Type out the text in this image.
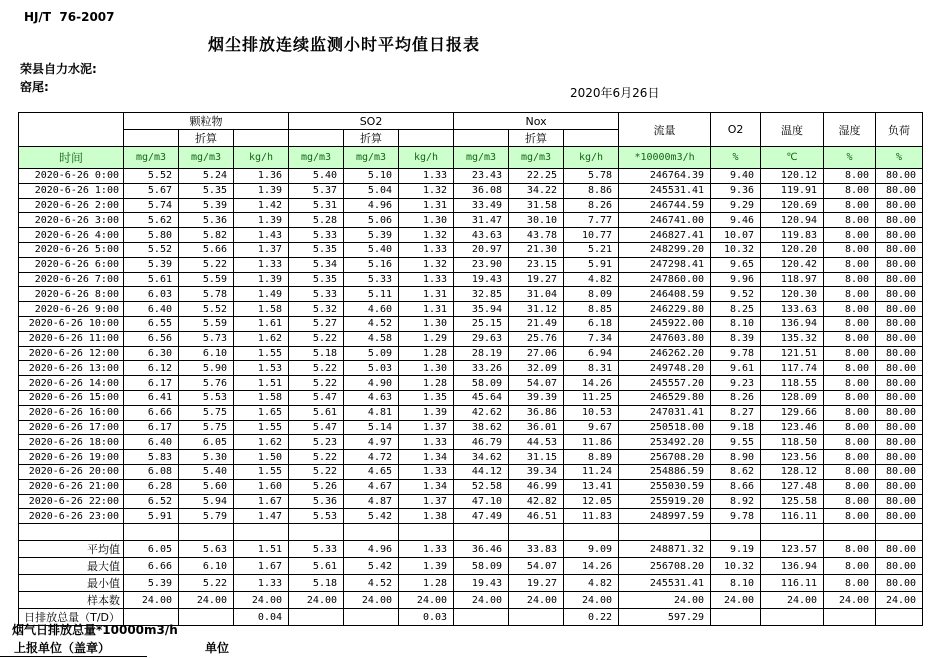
HJ/T  76-2007
烟尘排放连续监测小时平均值日报表
荣县自力水泥:
窑尾:	2020年6月26日
	颗粒物			SO2			Nox			流量	O2	温度	湿度	负荷
		折算			折算			折算						
时间	mg/m3	mg/m3	kg/h	mg/m3	mg/m3	kg/h	mg/m3	mg/m3	kg/h	*10000m3/h	%	℃	%	%
2020-6-26 0:00	5.52	5.24	1.36	5.40	5.10	1.33	23.43	22.25	5.78	246764.39	9.40	120.12	8.00	80.00
2020-6-26 1:00	5.67	5.35	1.39	5.37	5.04	1.32	36.08	34.22	8.86	245531.41	9.36	119.91	8.00	80.00
2020-6-26 2:00	5.74	5.39	1.42	5.31	4.96	1.31	33.49	31.58	8.26	246744.59	9.29	120.69	8.00	80.00
2020-6-26 3:00	5.62	5.36	1.39	5.28	5.06	1.30	31.47	30.10	7.77	246741.00	9.46	120.94	8.00	80.00
2020-6-26 4:00	5.80	5.82	1.43	5.33	5.39	1.32	43.63	43.78	10.77	246827.41	10.07	119.83	8.00	80.00
2020-6-26 5:00	5.52	5.66	1.37	5.35	5.40	1.33	20.97	21.30	5.21	248299.20	10.32	120.20	8.00	80.00
2020-6-26 6:00	5.39	5.22	1.33	5.34	5.16	1.32	23.90	23.15	5.91	247298.41	9.65	120.42	8.00	80.00
2020-6-26 7:00	5.61	5.59	1.39	5.35	5.33	1.33	19.43	19.27	4.82	247860.00	9.96	118.97	8.00	80.00
2020-6-26 8:00	6.03	5.78	1.49	5.33	5.11	1.31	32.85	31.04	8.09	246408.59	9.52	120.30	8.00	80.00
2020-6-26 9:00	6.40	5.52	1.58	5.32	4.60	1.31	35.94	31.12	8.85	246229.80	8.25	133.63	8.00	80.00
2020-6-26 10:00	6.55	5.59	1.61	5.27	4.52	1.30	25.15	21.49	6.18	245922.00	8.10	136.94	8.00	80.00
2020-6-26 11:00	6.56	5.73	1.62	5.22	4.58	1.29	29.63	25.76	7.34	247603.80	8.39	135.32	8.00	80.00
2020-6-26 12:00	6.30	6.10	1.55	5.18	5.09	1.28	28.19	27.06	6.94	246262.20	9.78	121.51	8.00	80.00
2020-6-26 13:00	6.12	5.90	1.53	5.22	5.03	1.30	33.26	32.09	8.31	249748.20	9.61	117.74	8.00	80.00
2020-6-26 14:00	6.17	5.76	1.51	5.22	4.90	1.28	58.09	54.07	14.26	245557.20	9.23	118.55	8.00	80.00
2020-6-26 15:00	6.41	5.53	1.58	5.47	4.63	1.35	45.64	39.39	11.25	246529.80	8.26	128.09	8.00	80.00
2020-6-26 16:00	6.66	5.75	1.65	5.61	4.81	1.39	42.62	36.86	10.53	247031.41	8.27	129.66	8.00	80.00
2020-6-26 17:00	6.17	5.75	1.55	5.47	5.14	1.37	38.62	36.01	9.67	250518.00	9.18	123.46	8.00	80.00
2020-6-26 18:00	6.40	6.05	1.62	5.23	4.97	1.33	46.79	44.53	11.86	253492.20	9.55	118.50	8.00	80.00
2020-6-26 19:00	5.83	5.30	1.50	5.22	4.72	1.34	34.62	31.15	8.89	256708.20	8.90	123.56	8.00	80.00
2020-6-26 20:00	6.08	5.40	1.55	5.22	4.65	1.33	44.12	39.34	11.24	254886.59	8.62	128.12	8.00	80.00
2020-6-26 21:00	6.28	5.60	1.60	5.26	4.67	1.34	52.58	46.99	13.41	255030.59	8.66	127.48	8.00	80.00
2020-6-26 22:00	6.52	5.94	1.67	5.36	4.87	1.37	47.10	42.82	12.05	255919.20	8.92	125.58	8.00	80.00
2020-6-26 23:00	5.91	5.79	1.47	5.53	5.42	1.38	47.49	46.51	11.83	248997.59	9.78	116.11	8.00	80.00

平均值	6.05	5.63	1.51	5.33	4.96	1.33	36.46	33.83	9.09	248871.32	9.19	123.57	8.00	80.00
最大值	6.66	6.10	1.67	5.61	5.42	1.39	58.09	54.07	14.26	256708.20	10.32	136.94	8.00	80.00
最小值	5.39	5.22	1.33	5.18	4.52	1.28	19.43	19.27	4.82	245531.41	8.10	116.11	8.00	80.00
样本数	24.00	24.00	24.00	24.00	24.00	24.00	24.00	24.00	24.00	24.00	24.00	24.00	24.00	24.00
日排放总量（T/D）			0.04			0.03			0.22	597.29				
烟气日排放总量*10000m3/h
上报单位（盖章）	单位
